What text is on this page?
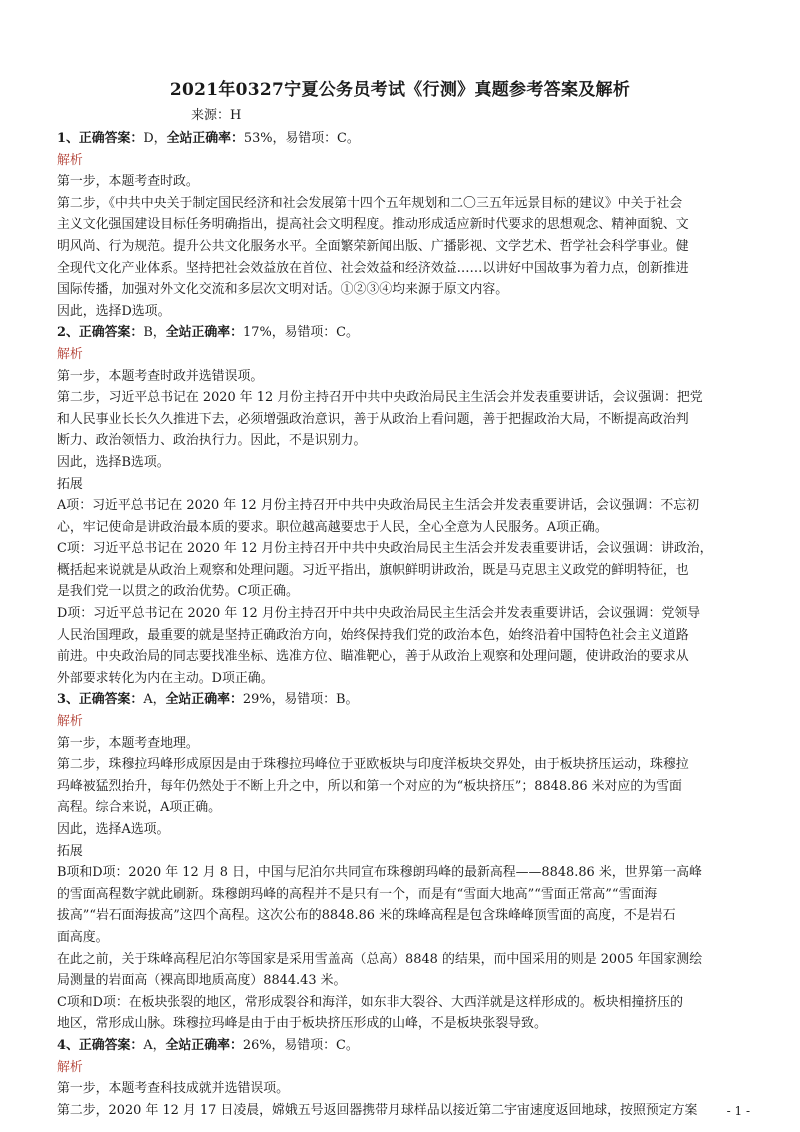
2021年0327宁夏公务员考试《行测》真题参考答案及解析
来源：H
1、正确答案：D，全站正确率：53%，易错项：C。
解析
第一步，本题考查时政。
第二步，《中共中央关于制定国民经济和社会发展第十四个五年规划和二〇三五年远景目标的建议》中关于社会
主义文化强国建设目标任务明确指出，提高社会文明程度。推动形成适应新时代要求的思想观念、精神面貌、文
明风尚、行为规范。提升公共文化服务水平。全面繁荣新闻出版、广播影视、文学艺术、哲学社会科学事业。健
全现代文化产业体系。坚持把社会效益放在首位、社会效益和经济效益……以讲好中国故事为着力点，创新推进
国际传播，加强对外文化交流和多层次文明对话。①②③④均来源于原文内容。
因此，选择D选项。
2、正确答案：B，全站正确率：17%，易错项：C。
解析
第一步，本题考查时政并选错误项。
第二步，习近平总书记在 2020 年 12 月份主持召开中共中央政治局民主生活会并发表重要讲话，会议强调：把党
和人民事业长长久久推进下去，必须增强政治意识，善于从政治上看问题，善于把握政治大局，不断提高政治判
断力、政治领悟力、政治执行力。因此，不是识别力。
因此，选择B选项。
拓展
A项：习近平总书记在 2020 年 12 月份主持召开中共中央政治局民主生活会并发表重要讲话，会议强调：不忘初
心，牢记使命是讲政治最本质的要求。职位越高越要忠于人民，全心全意为人民服务。A项正确。
C项：习近平总书记在 2020 年 12 月份主持召开中共中央政治局民主生活会并发表重要讲话，会议强调：讲政治，
概括起来说就是从政治上观察和处理问题。习近平指出，旗帜鲜明讲政治，既是马克思主义政党的鲜明特征，也
是我们党一以贯之的政治优势。C项正确。
D项：习近平总书记在 2020 年 12 月份主持召开中共中央政治局民主生活会并发表重要讲话，会议强调：党领导
人民治国理政，最重要的就是坚持正确政治方向，始终保持我们党的政治本色，始终沿着中国特色社会主义道路
前进。中央政治局的同志要找准坐标、选准方位、瞄准靶心，善于从政治上观察和处理问题，使讲政治的要求从
外部要求转化为内在主动。D项正确。
3、正确答案：A，全站正确率：29%，易错项：B。
解析
第一步，本题考查地理。
第二步，珠穆拉玛峰形成原因是由于珠穆拉玛峰位于亚欧板块与印度洋板块交界处，由于板块挤压运动，珠穆拉
玛峰被猛烈抬升，每年仍然处于不断上升之中，所以和第一个对应的为“板块挤压”；8848.86 米对应的为雪面
高程。综合来说，A项正确。
因此，选择A选项。
拓展
B项和D项：2020 年 12 月 8 日，中国与尼泊尔共同宣布珠穆朗玛峰的最新高程——8848.86 米，世界第一高峰
的雪面高程数字就此刷新。珠穆朗玛峰的高程并不是只有一个，而是有“雪面大地高”“雪面正常高”“雪面海
拔高”“岩石面海拔高”这四个高程。这次公布的8848.86 米的珠峰高程是包含珠峰峰顶雪面的高度，不是岩石
面高度。
在此之前，关于珠峰高程尼泊尔等国家是采用雪盖高（总高）8848 的结果，而中国采用的则是 2005 年国家测绘
局测量的岩面高（裸高即地质高度）8844.43 米。
C项和D项：在板块张裂的地区，常形成裂谷和海洋，如东非大裂谷、大西洋就是这样形成的。板块相撞挤压的
地区，常形成山脉。珠穆拉玛峰是由于由于板块挤压形成的山峰，不是板块张裂导致。
4、正确答案：A，全站正确率：26%，易错项：C。
解析
第一步，本题考查科技成就并选错误项。
第二步，2020 年 12 月 17 日凌晨，嫦娥五号返回器携带月球样品以接近第二宇宙速度返回地球，按照预定方案	- 1 -
